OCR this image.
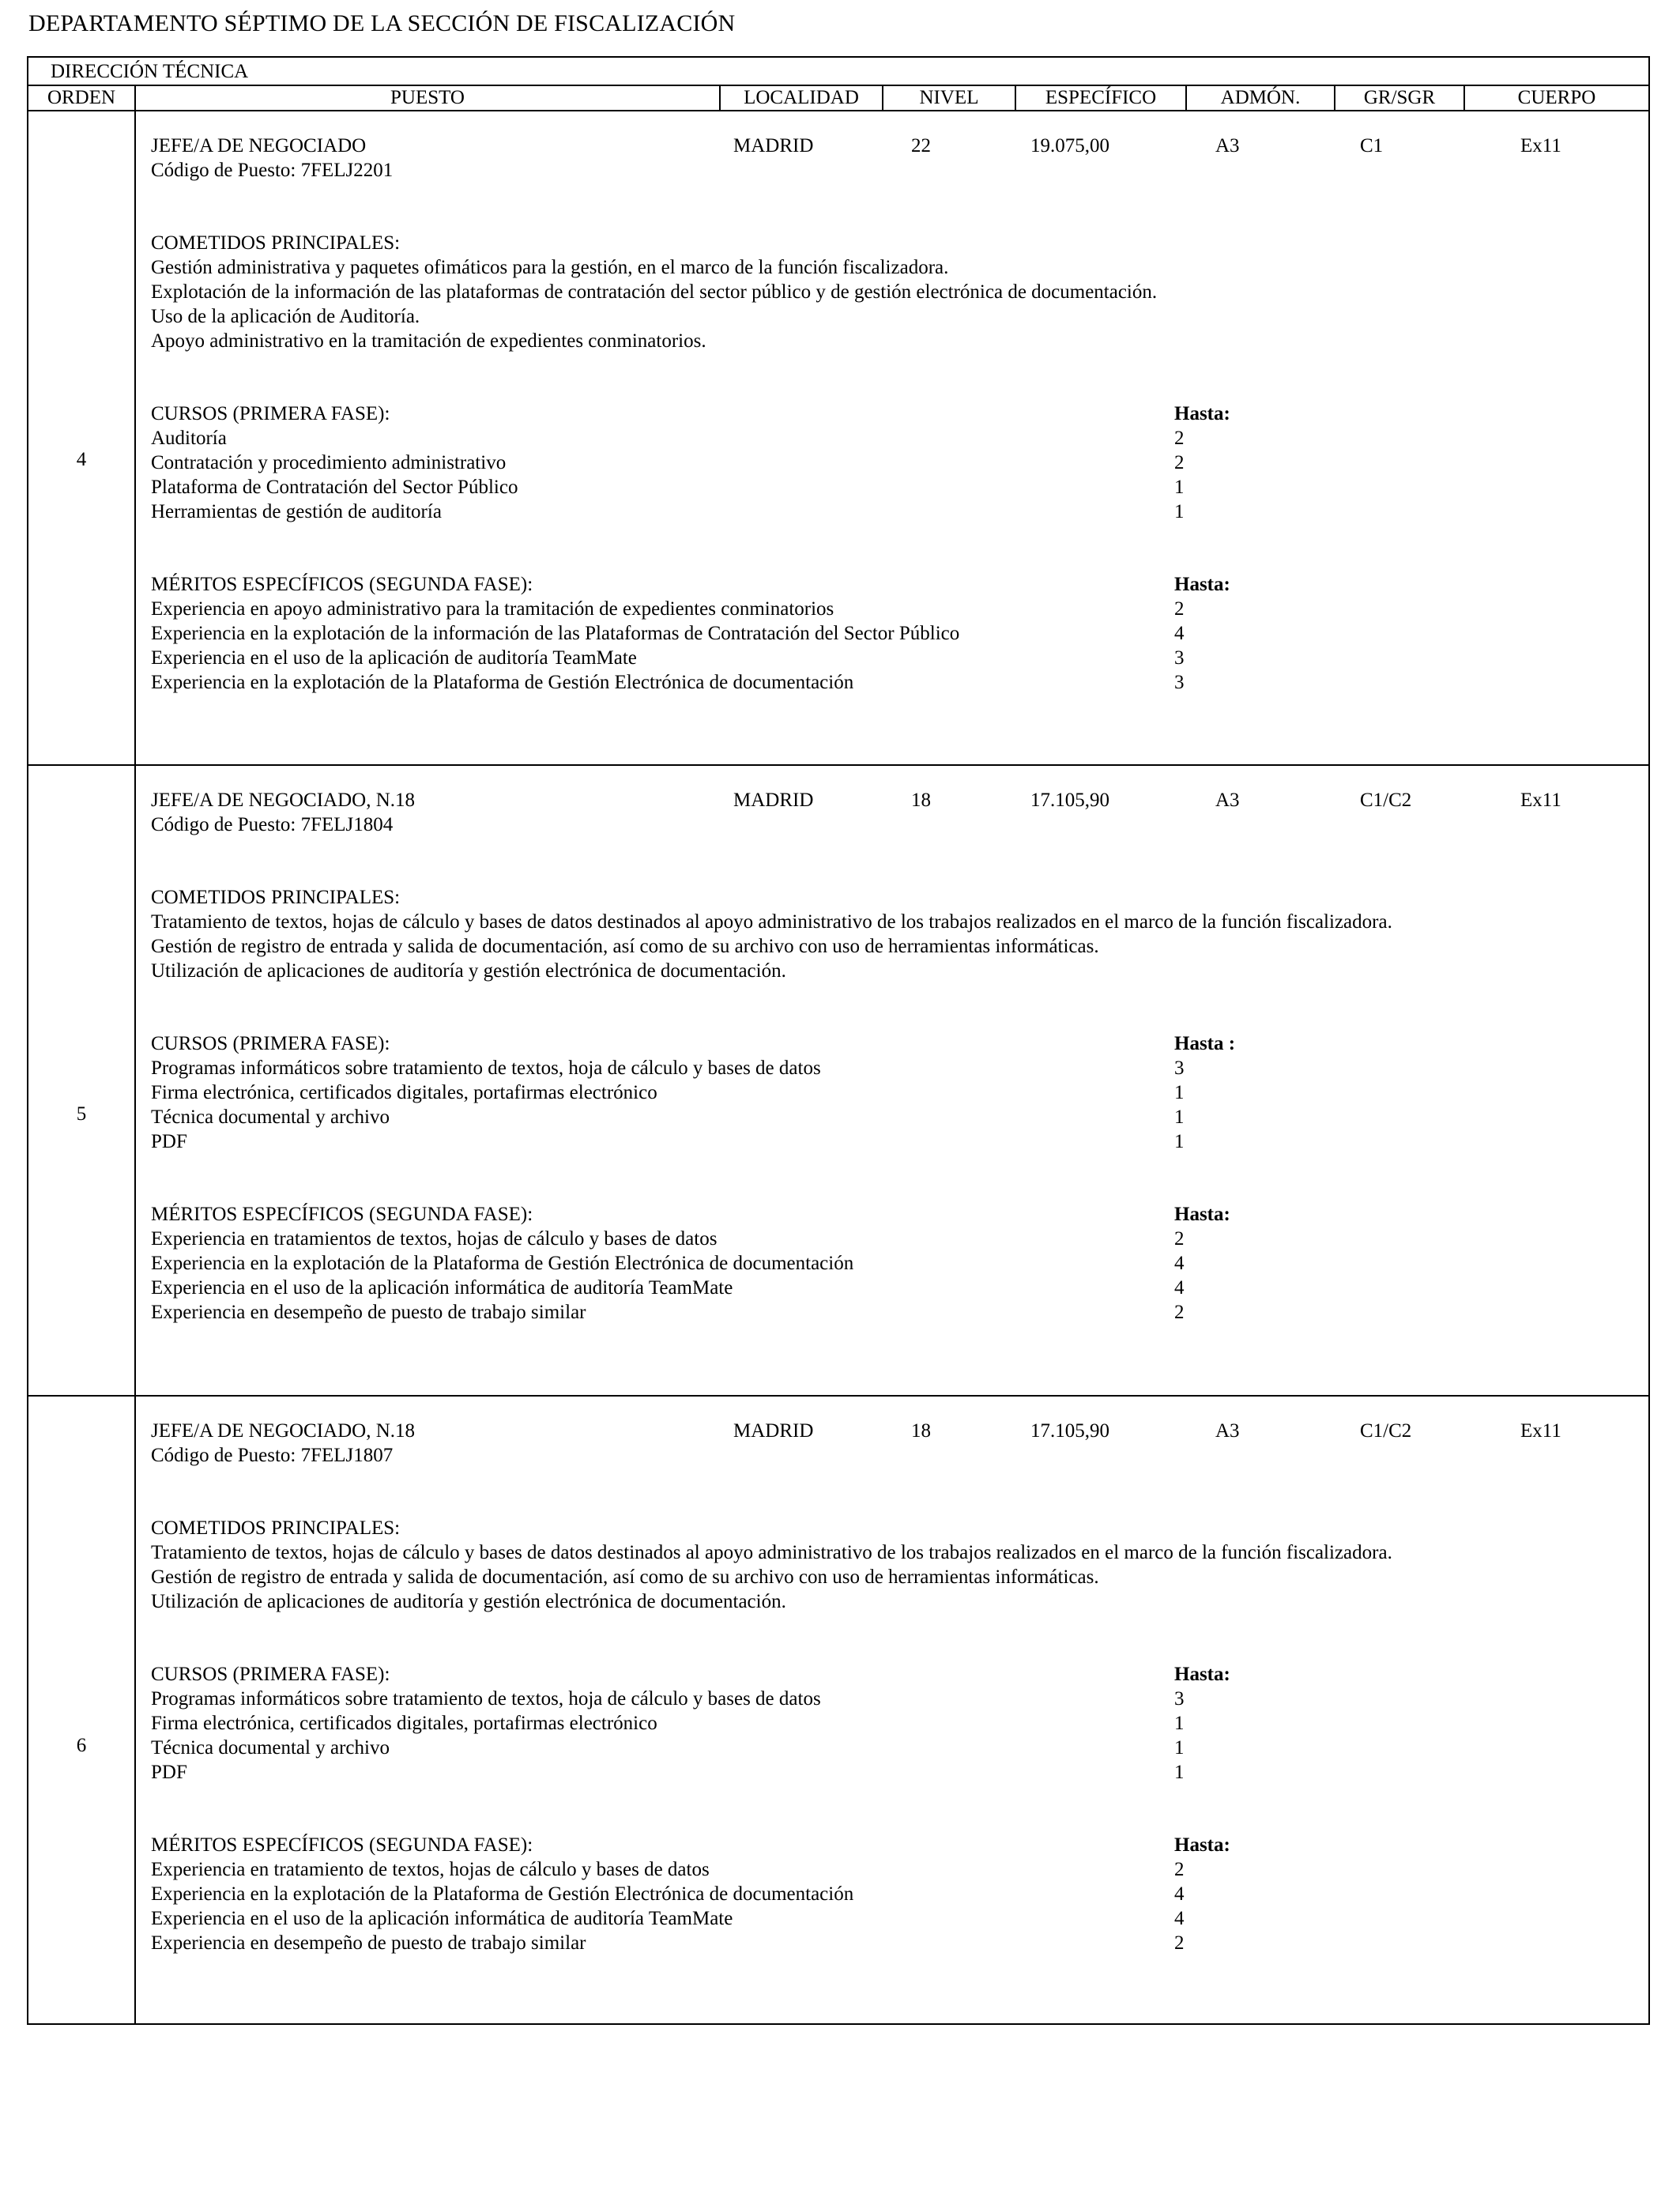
DEPARTAMENTO SÉPTIMO DE LA SECCIÓN DE FISCALIZACIÓN
DIRECCIÓN TÉCNICA
ORDEN	PUESTO	LOCALIDAD	NIVEL	ESPECÍFICO	ADMÓN.	GR/SGR	CUERPO
4
JEFE/A DE NEGOCIADO
Código de Puesto: 7FELJ2201
MADRID	22	19.075,00	A3	C1	Ex11
COMETIDOS PRINCIPALES:
Gestión administrativa y paquetes ofimáticos para la gestión, en el marco de la función fiscalizadora.
Explotación de la información de las plataformas de contratación del sector público y de gestión electrónica de documentación.
Uso de la aplicación de Auditoría.
Apoyo administrativo en la tramitación de expedientes conminatorios.
CURSOS (PRIMERA FASE):	Hasta:
Auditoría	2
Contratación y procedimiento administrativo	2
Plataforma de Contratación del Sector Público	1
Herramientas de gestión de auditoría	1
MÉRITOS ESPECÍFICOS (SEGUNDA FASE):	Hasta:
Experiencia en apoyo administrativo para la tramitación de expedientes conminatorios	2
Experiencia en la explotación de la información de las Plataformas de Contratación del Sector Público	4
Experiencia en el uso de la aplicación de auditoría TeamMate	3
Experiencia en la explotación de la Plataforma de Gestión Electrónica de documentación	3
5
JEFE/A DE NEGOCIADO, N.18
Código de Puesto: 7FELJ1804
MADRID	18	17.105,90	A3	C1/C2	Ex11
COMETIDOS PRINCIPALES:
Tratamiento de textos, hojas de cálculo y bases de datos destinados al apoyo administrativo de los trabajos realizados en el marco de la función fiscalizadora.
Gestión de registro de entrada y salida de documentación, así como de su archivo con uso de herramientas informáticas.
Utilización de aplicaciones de auditoría y gestión electrónica de documentación.
CURSOS (PRIMERA FASE):	Hasta :
Programas informáticos sobre tratamiento de textos, hoja de cálculo y bases de datos	3
Firma electrónica, certificados digitales, portafirmas electrónico	1
Técnica documental y archivo	1
PDF	1
MÉRITOS ESPECÍFICOS (SEGUNDA FASE):	Hasta:
Experiencia en tratamientos de textos, hojas de cálculo y bases de datos	2
Experiencia en la explotación de la Plataforma de Gestión Electrónica de documentación	4
Experiencia en el uso de la aplicación informática de auditoría TeamMate	4
Experiencia en desempeño de puesto de trabajo similar	2
6
JEFE/A DE NEGOCIADO, N.18
Código de Puesto: 7FELJ1807
MADRID	18	17.105,90	A3	C1/C2	Ex11
COMETIDOS PRINCIPALES:
Tratamiento de textos, hojas de cálculo y bases de datos destinados al apoyo administrativo de los trabajos realizados en el marco de la función fiscalizadora.
Gestión de registro de entrada y salida de documentación, así como de su archivo con uso de herramientas informáticas.
Utilización de aplicaciones de auditoría y gestión electrónica de documentación.
CURSOS (PRIMERA FASE):	Hasta:
Programas informáticos sobre tratamiento de textos, hoja de cálculo y bases de datos	3
Firma electrónica, certificados digitales, portafirmas electrónico	1
Técnica documental y archivo	1
PDF	1
MÉRITOS ESPECÍFICOS (SEGUNDA FASE):	Hasta:
Experiencia en tratamiento de textos, hojas de cálculo y bases de datos	2
Experiencia en la explotación de la Plataforma de Gestión Electrónica de documentación	4
Experiencia en el uso de la aplicación informática de auditoría TeamMate	4
Experiencia en desempeño de puesto de trabajo similar	2
